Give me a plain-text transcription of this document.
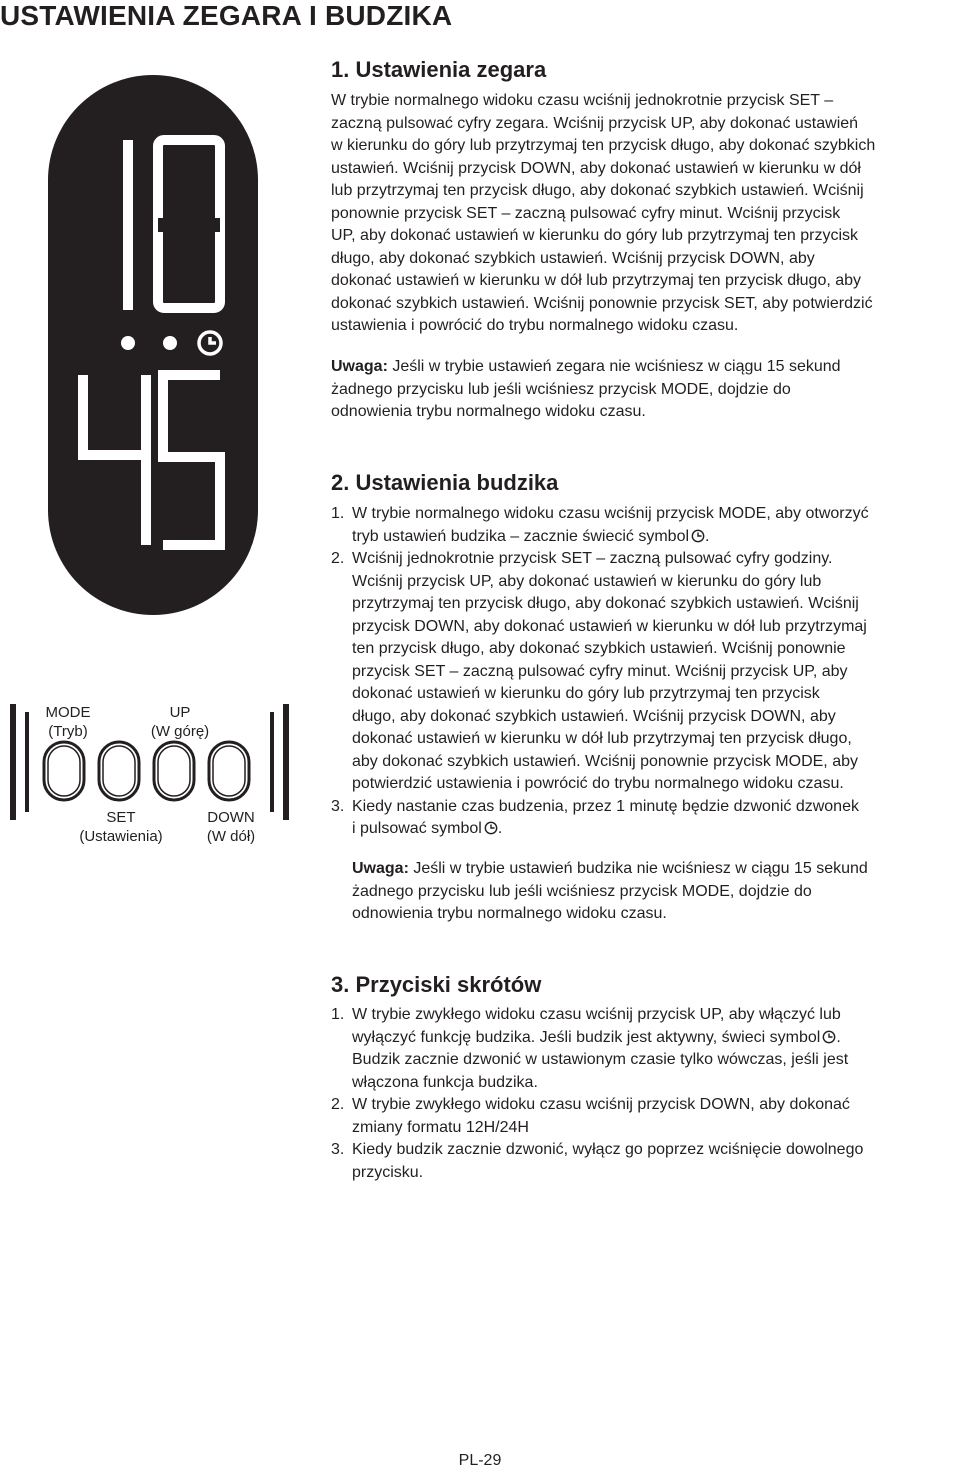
USTAWIENIA ZEGARA I BUDZIKA
MODE
(Tryb)
UP
(W górę)
SET
(Ustawienia)
DOWN
(W dół)
1. Ustawienia zegara
W trybie normalnego widoku czasu wciśnij jednokrotnie przycisk SET –
zaczną pulsować cyfry zegara. Wciśnij przycisk UP, aby dokonać ustawień
w kierunku do góry lub przytrzymaj ten przycisk długo, aby dokonać szybkich
ustawień. Wciśnij przycisk DOWN, aby dokonać ustawień w kierunku w dół
lub przytrzymaj ten przycisk długo, aby dokonać szybkich ustawień. Wciśnij
ponownie przycisk SET – zaczną pulsować cyfry minut. Wciśnij przycisk
UP, aby dokonać ustawień w kierunku do góry lub przytrzymaj ten przycisk
długo, aby dokonać szybkich ustawień. Wciśnij przycisk DOWN, aby
dokonać ustawień w kierunku w dół lub przytrzymaj ten przycisk długo, aby
dokonać szybkich ustawień. Wciśnij ponownie przycisk SET, aby potwierdzić
ustawienia i powrócić do trybu normalnego widoku czasu.
Uwaga: Jeśli w trybie ustawień zegara nie wciśniesz w ciągu 15 sekund
żadnego przycisku lub jeśli wciśniesz przycisk MODE, dojdzie do
odnowienia trybu normalnego widoku czasu.
2. Ustawienia budzika
1. W trybie normalnego widoku czasu wciśnij przycisk MODE, aby otworzyć
tryb ustawień budzika – zacznie świecić symbol .
2. Wciśnij jednokrotnie przycisk SET – zaczną pulsować cyfry godziny.
Wciśnij przycisk UP, aby dokonać ustawień w kierunku do góry lub
przytrzymaj ten przycisk długo, aby dokonać szybkich ustawień. Wciśnij
przycisk DOWN, aby dokonać ustawień w kierunku w dół lub przytrzymaj
ten przycisk długo, aby dokonać szybkich ustawień. Wciśnij ponownie
przycisk SET – zaczną pulsować cyfry minut. Wciśnij przycisk UP, aby
dokonać ustawień w kierunku do góry lub przytrzymaj ten przycisk
długo, aby dokonać szybkich ustawień. Wciśnij przycisk DOWN, aby
dokonać ustawień w kierunku w dół lub przytrzymaj ten przycisk długo,
aby dokonać szybkich ustawień. Wciśnij ponownie przycisk MODE, aby
potwierdzić ustawienia i powrócić do trybu normalnego widoku czasu.
3. Kiedy nastanie czas budzenia, przez 1 minutę będzie dzwonić dzwonek
i pulsować symbol .
Uwaga: Jeśli w trybie ustawień budzika nie wciśniesz w ciągu 15 sekund
żadnego przycisku lub jeśli wciśniesz przycisk MODE, dojdzie do
odnowienia trybu normalnego widoku czasu.
3. Przyciski skrótów
1. W trybie zwykłego widoku czasu wciśnij przycisk UP, aby włączyć lub
wyłączyć funkcję budzika. Jeśli budzik jest aktywny, świeci symbol .
Budzik zacznie dzwonić w ustawionym czasie tylko wówczas, jeśli jest
włączona funkcja budzika.
2. W trybie zwykłego widoku czasu wciśnij przycisk DOWN, aby dokonać
zmiany formatu 12H/24H
3. Kiedy budzik zacznie dzwonić, wyłącz go poprzez wciśnięcie dowolnego
przycisku.
PL-29
